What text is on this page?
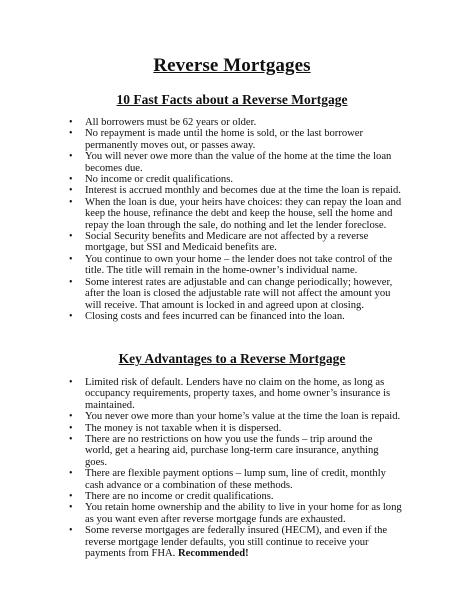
Reverse Mortgages
10 Fast Facts about a Reverse Mortgage
• All borrowers must be 62 years or older.
• No repayment is made until the home is sold, or the last borrower permanently moves out, or passes away.
• You will never owe more than the value of the home at the time the loan becomes due.
• No income or credit qualifications.
• Interest is accrued monthly and becomes due at the time the loan is repaid.
• When the loan is due, your heirs have choices: they can repay the loan and keep the house, refinance the debt and keep the house, sell the home and repay the loan through the sale, do nothing and let the lender foreclose.
• Social Security benefits and Medicare are not affected by a reverse mortgage, but SSI and Medicaid benefits are.
• You continue to own your home – the lender does not take control of the title. The title will remain in the home-owner’s individual name.
• Some interest rates are adjustable and can change periodically; however, after the loan is closed the adjustable rate will not affect the amount you will receive. That amount is locked in and agreed upon at closing.
• Closing costs and fees incurred can be financed into the loan.
Key Advantages to a Reverse Mortgage
• Limited risk of default. Lenders have no claim on the home, as long as occupancy requirements, property taxes, and home owner’s insurance is maintained.
• You never owe more than your home’s value at the time the loan is repaid.
• The money is not taxable when it is dispersed.
• There are no restrictions on how you use the funds – trip around the world, get a hearing aid, purchase long-term care insurance, anything goes.
• There are flexible payment options – lump sum, line of credit, monthly cash advance or a combination of these methods.
• There are no income or credit qualifications.
• You retain home ownership and the ability to live in your home for as long as you want even after reverse mortgage funds are exhausted.
• Some reverse mortgages are federally insured (HECM), and even if the reverse mortgage lender defaults, you still continue to receive your payments from FHA. Recommended!
